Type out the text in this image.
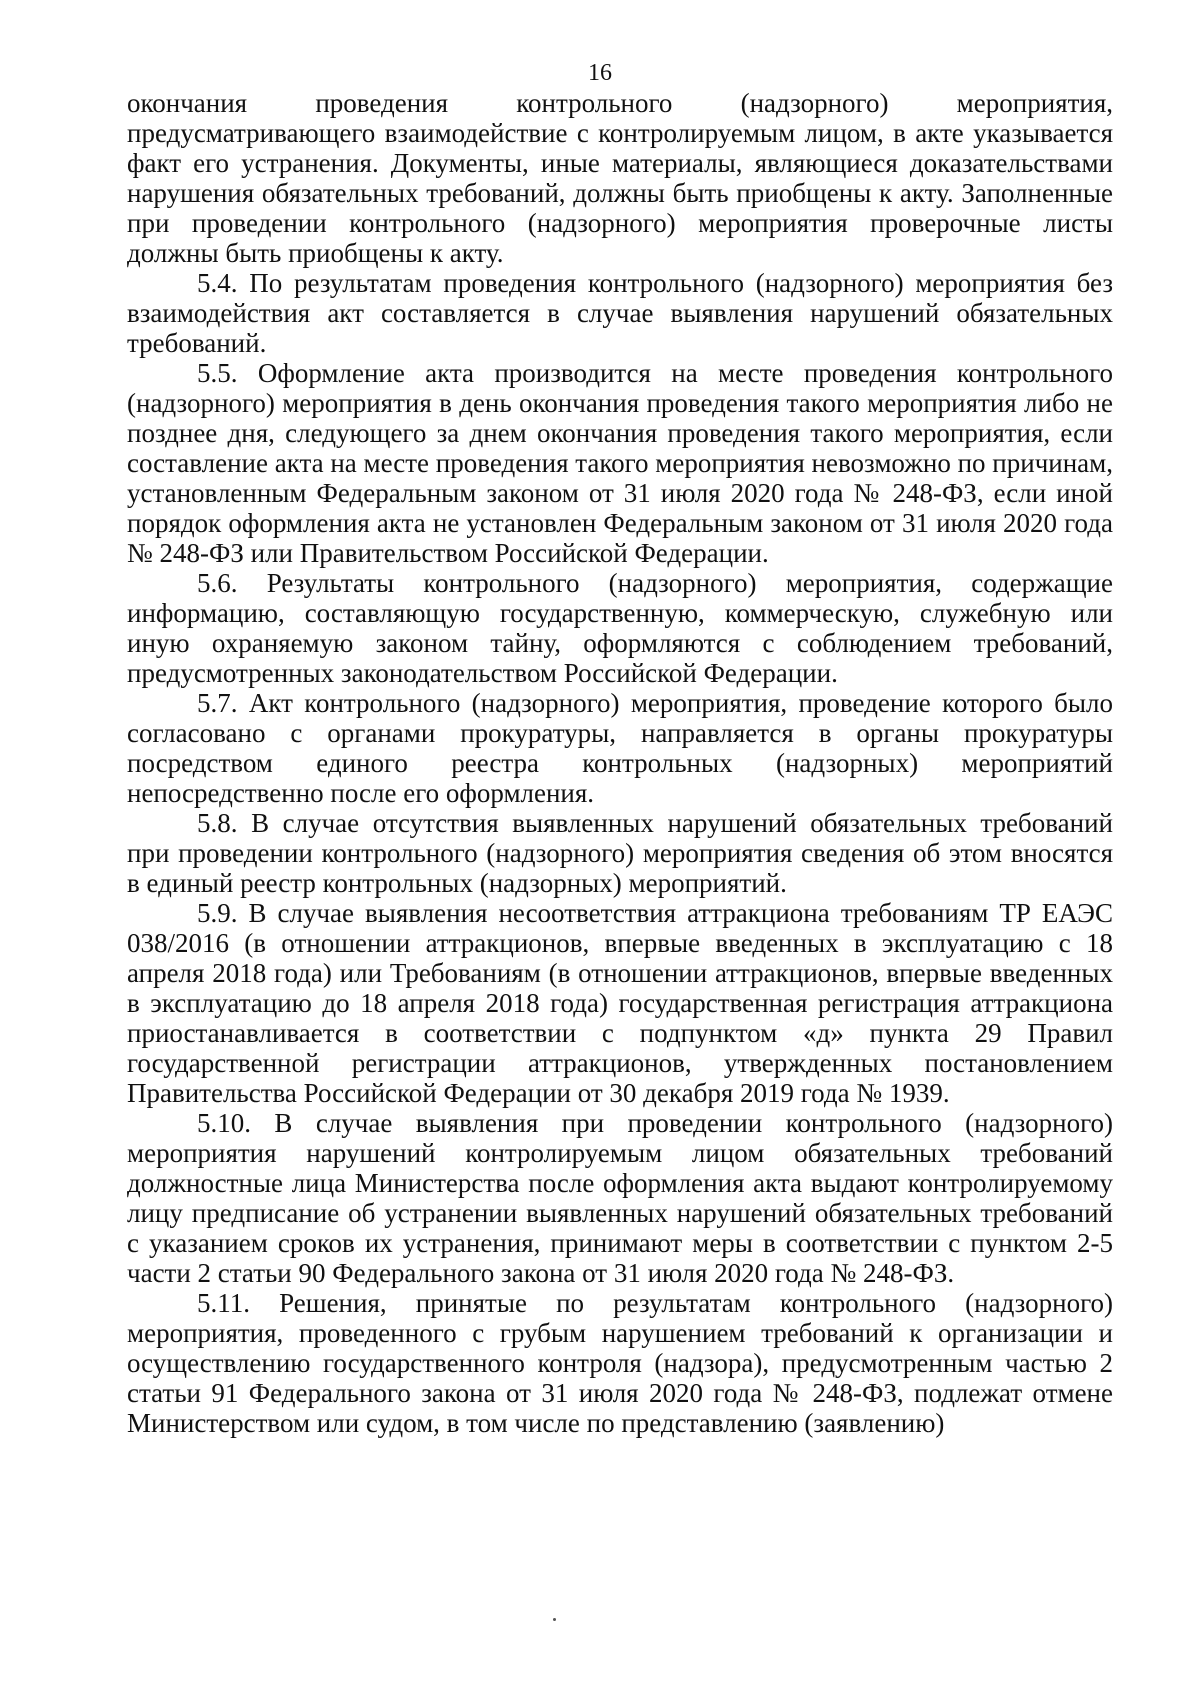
16

окончания проведения контрольного (надзорного) мероприятия, предусматривающего взаимодействие с контролируемым лицом, в акте указывается факт его устранения. Документы, иные материалы, являющиеся доказательствами нарушения обязательных требований, должны быть приобщены к акту. Заполненные при проведении контрольного (надзорного) мероприятия проверочные листы должны быть приобщены к акту.

5.4. По результатам проведения контрольного (надзорного) мероприятия без взаимодействия акт составляется в случае выявления нарушений обязательных требований.

5.5. Оформление акта производится на месте проведения контрольного (надзорного) мероприятия в день окончания проведения такого мероприятия либо не позднее дня, следующего за днем окончания проведения такого мероприятия, если составление акта на месте проведения такого мероприятия невозможно по причинам, установленным Федеральным законом от 31 июля 2020 года № 248-ФЗ, если иной порядок оформления акта не установлен Федеральным законом от 31 июля 2020 года № 248-ФЗ или Правительством Российской Федерации.

5.6. Результаты контрольного (надзорного) мероприятия, содержащие информацию, составляющую государственную, коммерческую, служебную или иную охраняемую законом тайну, оформляются с соблюдением требований, предусмотренных законодательством Российской Федерации.

5.7. Акт контрольного (надзорного) мероприятия, проведение которого было согласовано с органами прокуратуры, направляется в органы прокуратуры посредством единого реестра контрольных (надзорных) мероприятий непосредственно после его оформления.

5.8. В случае отсутствия выявленных нарушений обязательных требований при проведении контрольного (надзорного) мероприятия сведения об этом вносятся в единый реестр контрольных (надзорных) мероприятий.

5.9. В случае выявления несоответствия аттракциона требованиям ТР ЕАЭС 038/2016 (в отношении аттракционов, впервые введенных в эксплуатацию с 18 апреля 2018 года) или Требованиям (в отношении аттракционов, впервые введенных в эксплуатацию до 18 апреля 2018 года) государственная регистрация аттракциона приостанавливается в соответствии с подпунктом «д» пункта 29 Правил государственной регистрации аттракционов, утвержденных постановлением Правительства Российской Федерации от 30 декабря 2019 года № 1939.

5.10. В случае выявления при проведении контрольного (надзорного) мероприятия нарушений контролируемым лицом обязательных требований должностные лица Министерства после оформления акта выдают контролируемому лицу предписание об устранении выявленных нарушений обязательных требований с указанием сроков их устранения, принимают меры в соответствии с пунктом 2-5 части 2 статьи 90 Федерального закона от 31 июля 2020 года № 248-ФЗ.

5.11. Решения, принятые по результатам контрольного (надзорного) мероприятия, проведенного с грубым нарушением требований к организации и осуществлению государственного контроля (надзора), предусмотренным частью 2 статьи 91 Федерального закона от 31 июля 2020 года № 248-ФЗ, подлежат отмене Министерством или судом, в том числе по представлению (заявлению)
